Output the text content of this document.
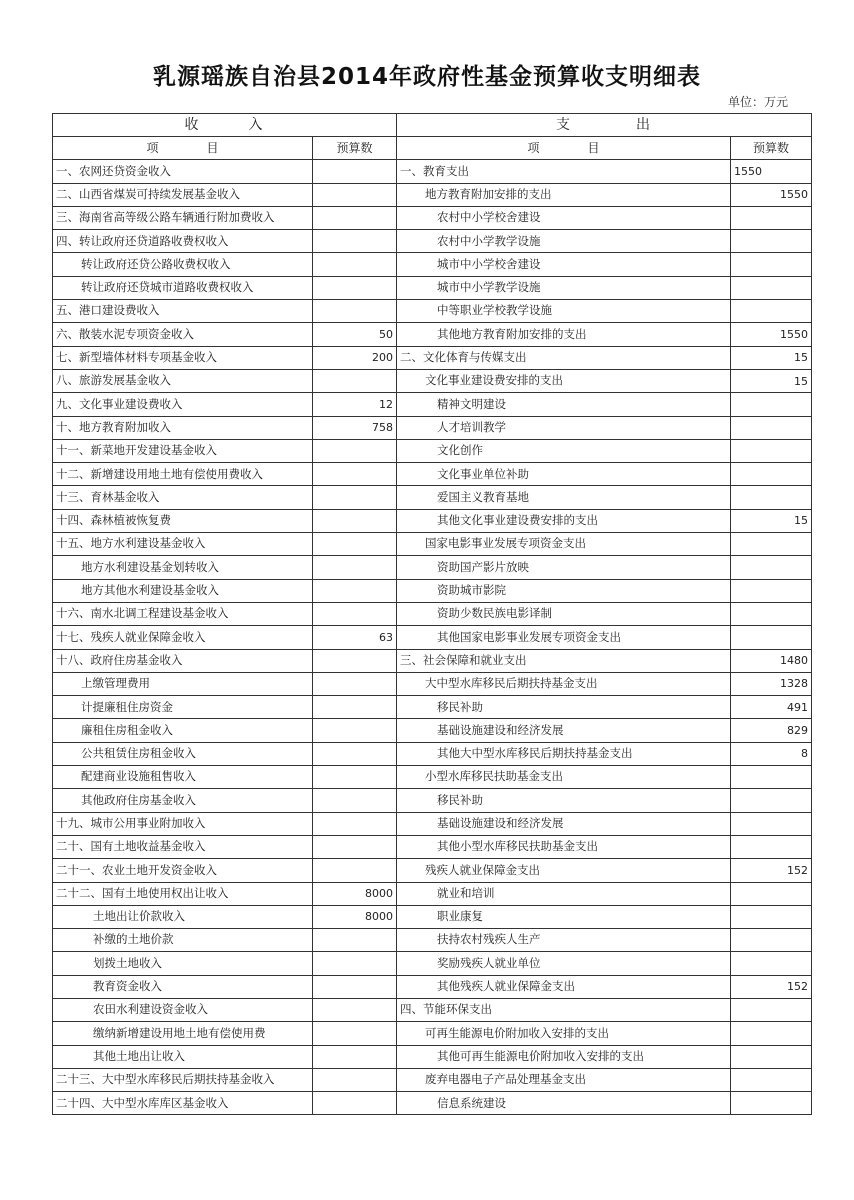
乳源瑶族自治县2014年政府性基金预算收支明细表
单位：万元
收　　　入		支　　　　出	
项　　　　目	预算数	项　　　　目	预算数
一、农网还贷资金收入		一、教育支出	1550
二、山西省煤炭可持续发展基金收入		地方教育附加安排的支出	1550
三、海南省高等级公路车辆通行附加费收入		农村中小学校舍建设	
四、转让政府还贷道路收费权收入		农村中小学教学设施	
转让政府还贷公路收费权收入		城市中小学校舍建设	
转让政府还贷城市道路收费权收入		城市中小学教学设施	
五、港口建设费收入		中等职业学校教学设施	
六、散装水泥专项资金收入	50	其他地方教育附加安排的支出	1550
七、新型墙体材料专项基金收入	200	二、文化体育与传媒支出	15
八、旅游发展基金收入		文化事业建设费安排的支出	15
九、文化事业建设费收入	12	精神文明建设	
十、地方教育附加收入	758	人才培训教学	
十一、新菜地开发建设基金收入		文化创作	
十二、新增建设用地土地有偿使用费收入		文化事业单位补助	
十三、育林基金收入		爱国主义教育基地	
十四、森林植被恢复费		其他文化事业建设费安排的支出	15
十五、地方水利建设基金收入		国家电影事业发展专项资金支出	
地方水利建设基金划转收入		资助国产影片放映	
地方其他水利建设基金收入		资助城市影院	
十六、南水北调工程建设基金收入		资助少数民族电影译制	
十七、残疾人就业保障金收入	63	其他国家电影事业发展专项资金支出	
十八、政府住房基金收入		三、社会保障和就业支出	1480
上缴管理费用		大中型水库移民后期扶持基金支出	1328
计提廉租住房资金		移民补助	491
廉租住房租金收入		基础设施建设和经济发展	829
公共租赁住房租金收入		其他大中型水库移民后期扶持基金支出	8
配建商业设施租售收入		小型水库移民扶助基金支出	
其他政府住房基金收入		移民补助	
十九、城市公用事业附加收入		基础设施建设和经济发展	
二十、国有土地收益基金收入		其他小型水库移民扶助基金支出	
二十一、农业土地开发资金收入		残疾人就业保障金支出	152
二十二、国有土地使用权出让收入	8000	就业和培训	
土地出让价款收入	8000	职业康复	
补缴的土地价款		扶持农村残疾人生产	
划拨土地收入		奖励残疾人就业单位	
教育资金收入		其他残疾人就业保障金支出	152
农田水利建设资金收入		四、节能环保支出	
缴纳新增建设用地土地有偿使用费		可再生能源电价附加收入安排的支出	
其他土地出让收入		其他可再生能源电价附加收入安排的支出	
二十三、大中型水库移民后期扶持基金收入		废弃电器电子产品处理基金支出	
二十四、大中型水库库区基金收入		信息系统建设	
